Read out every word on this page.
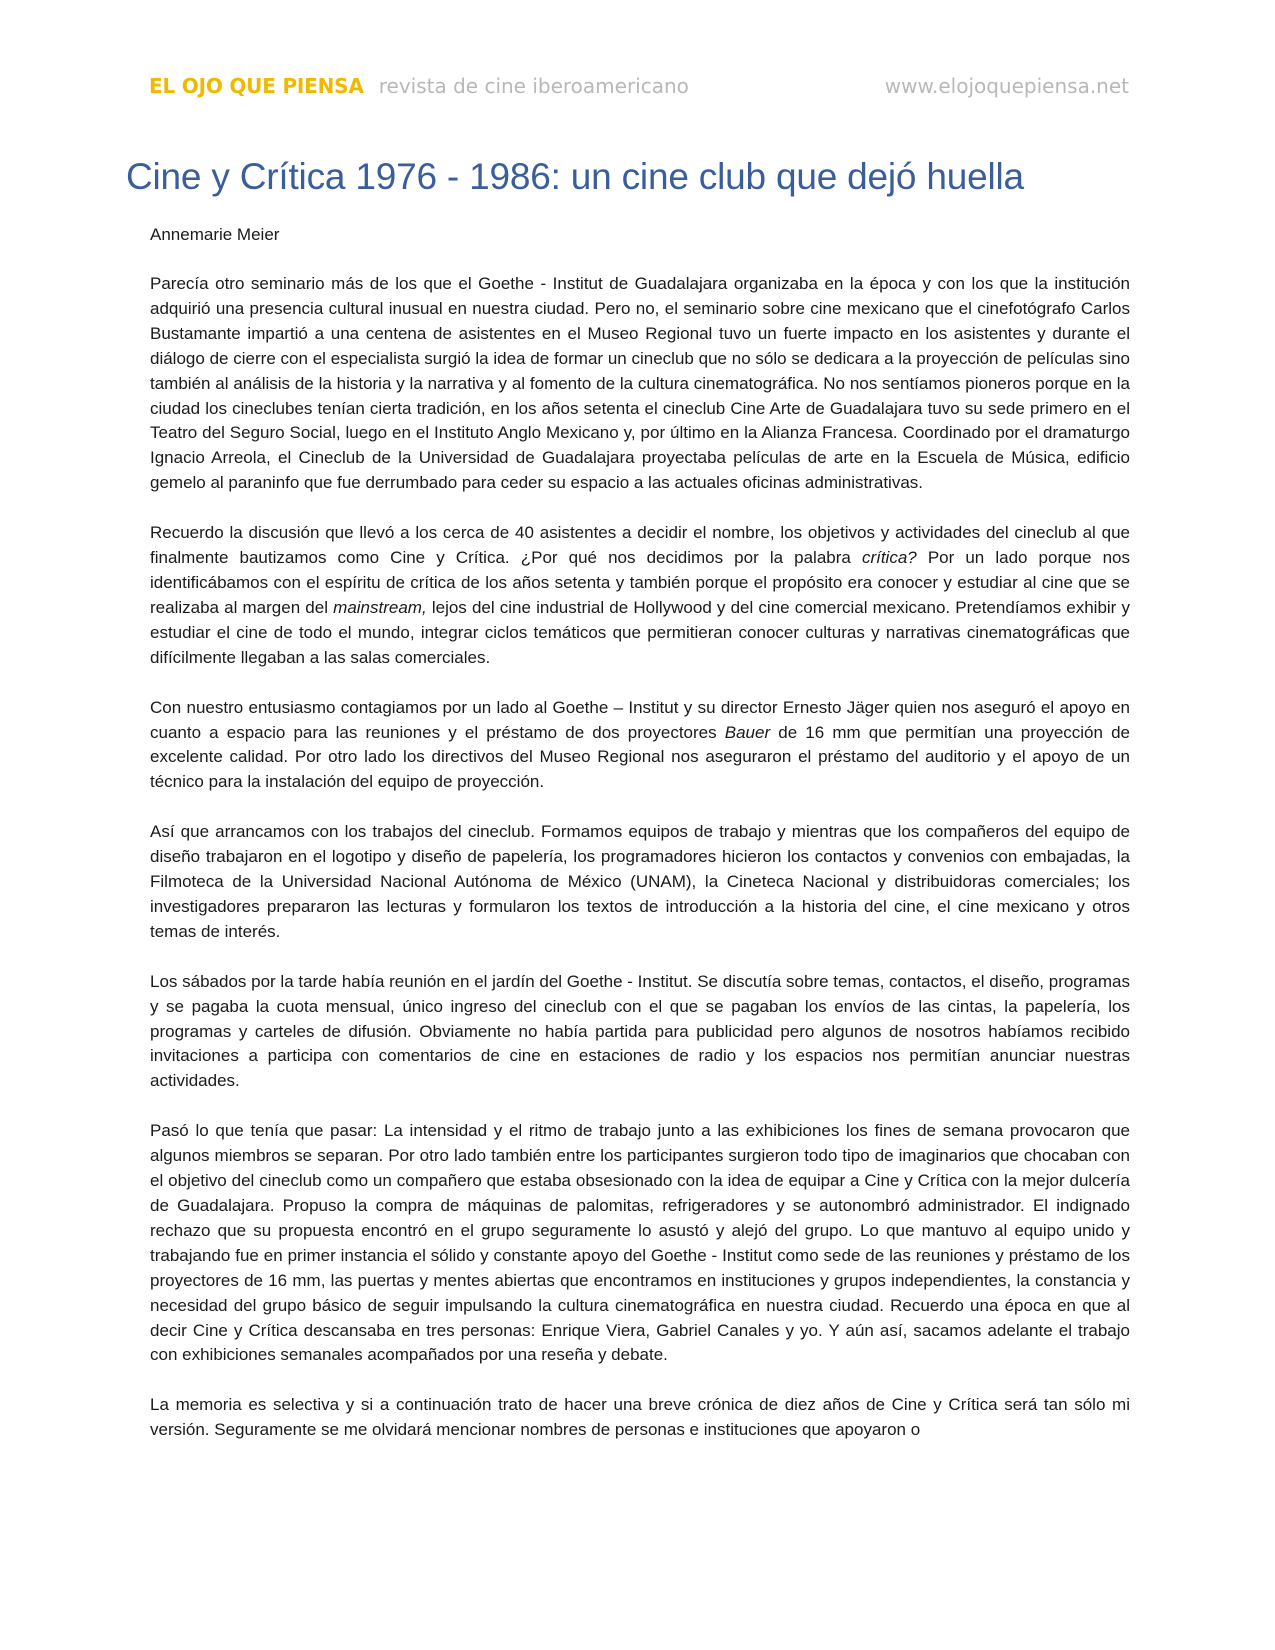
EL OJO QUE PIENSA revista de cine iberoamericano	www.elojoquepiensa.net
Cine y Crítica 1976 - 1986: un cine club que dejó huella

Annemarie Meier

Parecía otro seminario más de los que el Goethe - Institut de Guadalajara organizaba en la época y con los que la institución adquirió una presencia cultural inusual en nuestra ciudad. Pero no, el seminario sobre cine mexicano que el cinefotógrafo Carlos Bustamante impartió a una centena de asistentes en el Museo Regional tuvo un fuerte impacto en los asistentes y durante el diálogo de cierre con el especialista surgió la idea de formar un cineclub que no sólo se dedicara a la proyección de películas sino también al análisis de la historia y la narrativa y al fomento de la cultura cinematográfica. No nos sentíamos pioneros porque en la ciudad los cineclubes tenían cierta tradición, en los años setenta el cineclub Cine Arte de Guadalajara tuvo su sede primero en el Teatro del Seguro Social, luego en el Instituto Anglo Mexicano y, por último en la Alianza Francesa. Coordinado por el dramaturgo Ignacio Arreola, el Cineclub de la Universidad de Guadalajara proyectaba películas de arte en la Escuela de Música, edificio gemelo al paraninfo que fue derrumbado para ceder su espacio a las actuales oficinas administrativas.

Recuerdo la discusión que llevó a los cerca de 40 asistentes a decidir el nombre, los objetivos y actividades del cineclub al que finalmente bautizamos como Cine y Crítica. ¿Por qué nos decidimos por la palabra crítica? Por un lado porque nos identificábamos con el espíritu de crítica de los años setenta y también porque el propósito era conocer y estudiar al cine que se realizaba al margen del mainstream, lejos del cine industrial de Hollywood y del cine comercial mexicano. Pretendíamos exhibir y estudiar el cine de todo el mundo, integrar ciclos temáticos que permitieran conocer culturas y narrativas cinematográficas que difícilmente llegaban a las salas comerciales.

Con nuestro entusiasmo contagiamos por un lado al Goethe – Institut y su director Ernesto Jäger quien nos aseguró el apoyo en cuanto a espacio para las reuniones y el préstamo de dos proyectores Bauer de 16 mm que permitían una proyección de excelente calidad. Por otro lado los directivos del Museo Regional nos aseguraron el préstamo del auditorio y el apoyo de un técnico para la instalación del equipo de proyección.

Así que arrancamos con los trabajos del cineclub. Formamos equipos de trabajo y mientras que los compañeros del equipo de diseño trabajaron en el logotipo y diseño de papelería, los programadores hicieron los contactos y convenios con embajadas, la Filmoteca de la Universidad Nacional Autónoma de México (UNAM), la Cineteca Nacional y distribuidoras comerciales; los investigadores prepararon las lecturas y formularon los textos de introducción a la historia del cine, el cine mexicano y otros temas de interés.

Los sábados por la tarde había reunión en el jardín del Goethe - Institut. Se discutía sobre temas, contactos, el diseño, programas y se pagaba la cuota mensual, único ingreso del cineclub con el que se pagaban los envíos de las cintas, la papelería, los programas y carteles de difusión. Obviamente no había partida para publicidad pero algunos de nosotros habíamos recibido invitaciones a participa con comentarios de cine en estaciones de radio y los espacios nos permitían anunciar nuestras actividades.

Pasó lo que tenía que pasar: La intensidad y el ritmo de trabajo junto a las exhibiciones los fines de semana provocaron que algunos miembros se separan. Por otro lado también entre los participantes surgieron todo tipo de imaginarios que chocaban con el objetivo del cineclub como un compañero que estaba obsesionado con la idea de equipar a Cine y Crítica con la mejor dulcería de Guadalajara. Propuso la compra de máquinas de palomitas, refrigeradores y se autonombró administrador. El indignado rechazo que su propuesta encontró en el grupo seguramente lo asustó y alejó del grupo. Lo que mantuvo al equipo unido y trabajando fue en primer instancia el sólido y constante apoyo del Goethe - Institut como sede de las reuniones y préstamo de los proyectores de 16 mm, las puertas y mentes abiertas que encontramos en instituciones y grupos independientes, la constancia y necesidad del grupo básico de seguir impulsando la cultura cinematográfica en nuestra ciudad. Recuerdo una época en que al decir Cine y Crítica descansaba en tres personas: Enrique Viera, Gabriel Canales y yo. Y aún así, sacamos adelante el trabajo con exhibiciones semanales acompañados por una reseña y debate.

La memoria es selectiva y si a continuación trato de hacer una breve crónica de diez años de Cine y Crítica será tan sólo mi versión. Seguramente se me olvidará mencionar nombres de personas e instituciones que apoyaron o
